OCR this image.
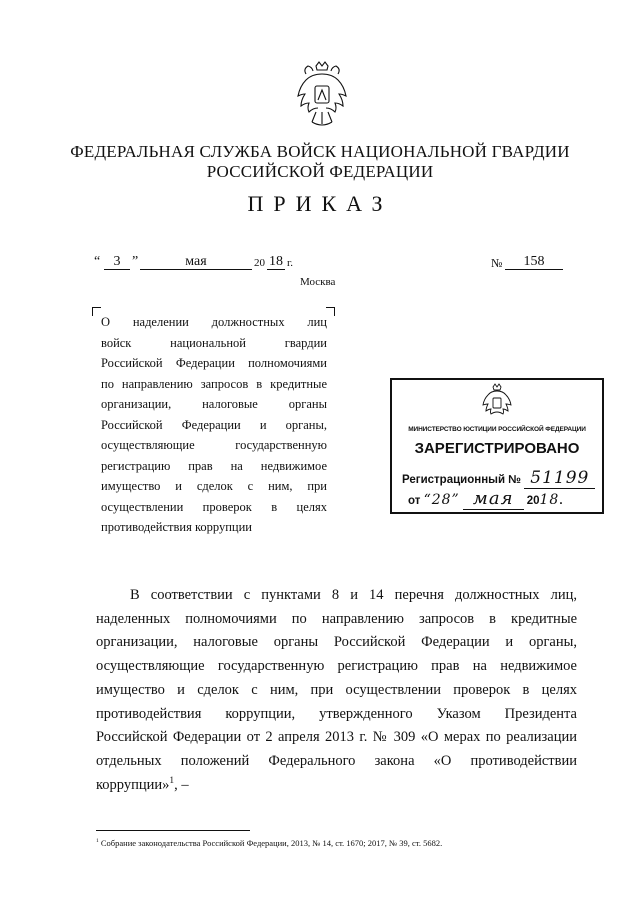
ФЕДЕРАЛЬНАЯ СЛУЖБА ВОЙСК НАЦИОНАЛЬНОЙ ГВАРДИИ
РОССИЙСКОЙ ФЕДЕРАЦИИ
ПРИКАЗ
“ 3 ”	мая	20 18 г.	№	158
Москва
О наделении должностных лиц
войск национальной гвардии
Российской Федерации полномочиями
по направлению запросов в кредитные
организации, налоговые органы
Российской Федерации и органы,
осуществляющие государственную
регистрацию прав на недвижимое
имущество и сделок с ним, при
осуществлении проверок в целях
противодействия коррупции
МИНИСТЕРСТВО ЮСТИЦИИ РОССИЙСКОЙ ФЕДЕРАЦИИ
ЗАРЕГИСТРИРОВАНО
Регистрационный № 51199
от “28” мая 2018.
В соответствии с пунктами 8 и 14 перечня должностных лиц,
наделенных полномочиями по направлению запросов в кредитные
организации, налоговые органы Российской Федерации и органы,
осуществляющие государственную регистрацию прав на недвижимое
имущество и сделок с ним, при осуществлении проверок в целях
противодействия коррупции, утвержденного Указом Президента
Российской Федерации от 2 апреля 2013 г. № 309 «О мерах по реализации
отдельных положений Федерального закона «О противодействии
коррупции»$^1$, –
$^1$ Собрание законодательства Российской Федерации, 2013, № 14, ст. 1670; 2017, № 39, ст. 5682.
